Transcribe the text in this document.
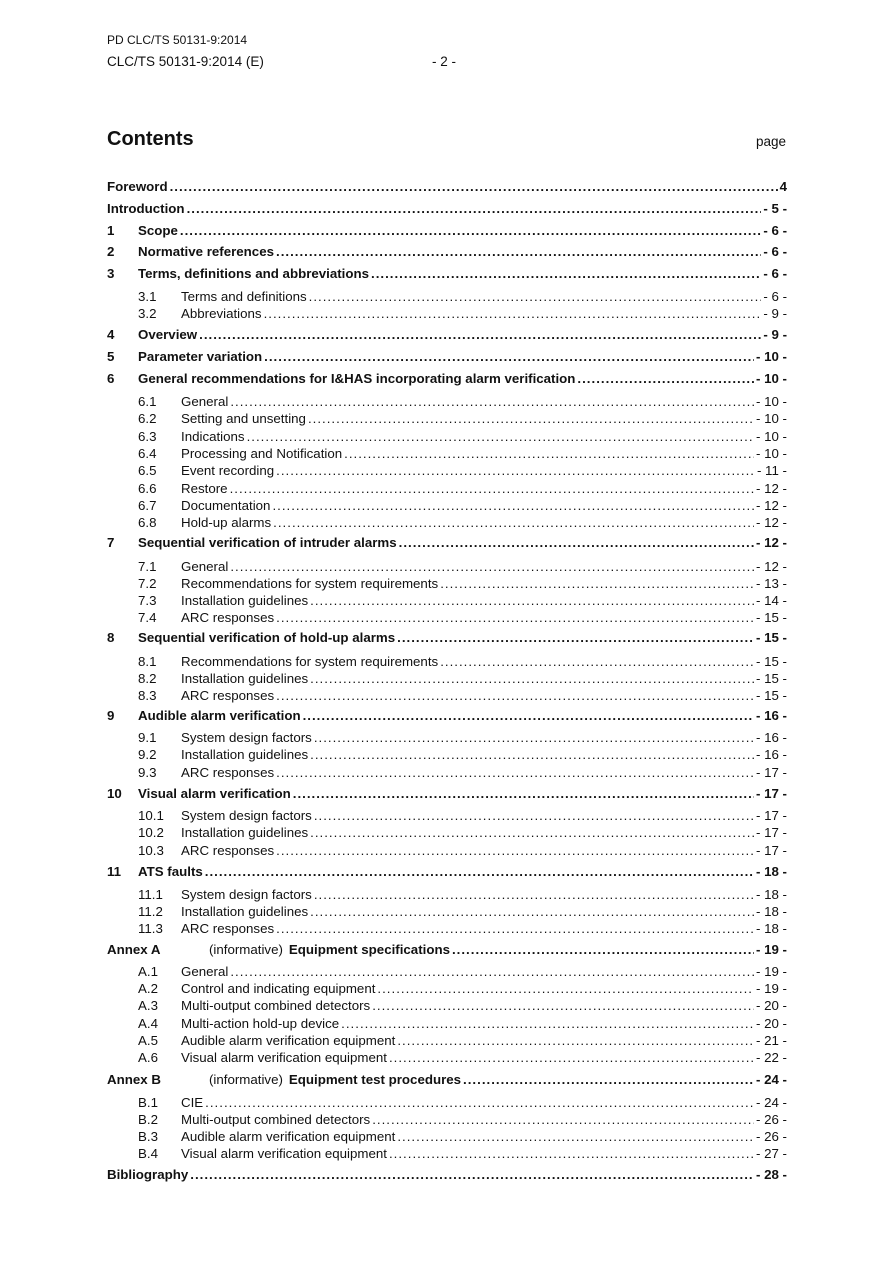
PD CLC/TS 50131-9:2014
CLC/TS 50131-9:2014 (E)	- 2 -
Contents	page
Foreword .....	4
Introduction .....	- 5 -
1	Scope .....	- 6 -
2	Normative references .....	- 6 -
3	Terms, definitions and abbreviations .....	- 6 -
3.1	Terms and definitions .....	- 6 -
3.2	Abbreviations .....	- 9 -
4	Overview .....	- 9 -
5	Parameter variation .....	- 10 -
6	General recommendations for I&HAS incorporating alarm verification .....	- 10 -
6.1	General .....	- 10 -
6.2	Setting and unsetting .....	- 10 -
6.3	Indications .....	- 10 -
6.4	Processing and Notification .....	- 10 -
6.5	Event recording .....	- 11 -
6.6	Restore .....	- 12 -
6.7	Documentation .....	- 12 -
6.8	Hold-up alarms .....	- 12 -
7	Sequential verification of intruder alarms .....	- 12 -
7.1	General .....	- 12 -
7.2	Recommendations for system requirements .....	- 13 -
7.3	Installation guidelines .....	- 14 -
7.4	ARC responses .....	- 15 -
8	Sequential verification of hold-up alarms .....	- 15 -
8.1	Recommendations for system requirements .....	- 15 -
8.2	Installation guidelines .....	- 15 -
8.3	ARC responses .....	- 15 -
9	Audible alarm verification .....	- 16 -
9.1	System design factors .....	- 16 -
9.2	Installation guidelines .....	- 16 -
9.3	ARC responses .....	- 17 -
10	Visual alarm verification .....	- 17 -
10.1	System design factors .....	- 17 -
10.2	Installation guidelines .....	- 17 -
10.3	ARC responses .....	- 17 -
11	ATS faults .....	- 18 -
11.1	System design factors .....	- 18 -
11.2	Installation guidelines .....	- 18 -
11.3	ARC responses .....	- 18 -
Annex A	(informative) Equipment specifications .....	- 19 -
A.1	General .....	- 19 -
A.2	Control and indicating equipment .....	- 19 -
A.3	Multi-output combined detectors .....	- 20 -
A.4	Multi-action hold-up device .....	- 20 -
A.5	Audible alarm verification equipment .....	- 21 -
A.6	Visual alarm verification equipment .....	- 22 -
Annex B	(informative) Equipment test procedures .....	- 24 -
B.1	CIE .....	- 24 -
B.2	Multi-output combined detectors .....	- 26 -
B.3	Audible alarm verification equipment .....	- 26 -
B.4	Visual alarm verification equipment .....	- 27 -
Bibliography .....	- 28 -
